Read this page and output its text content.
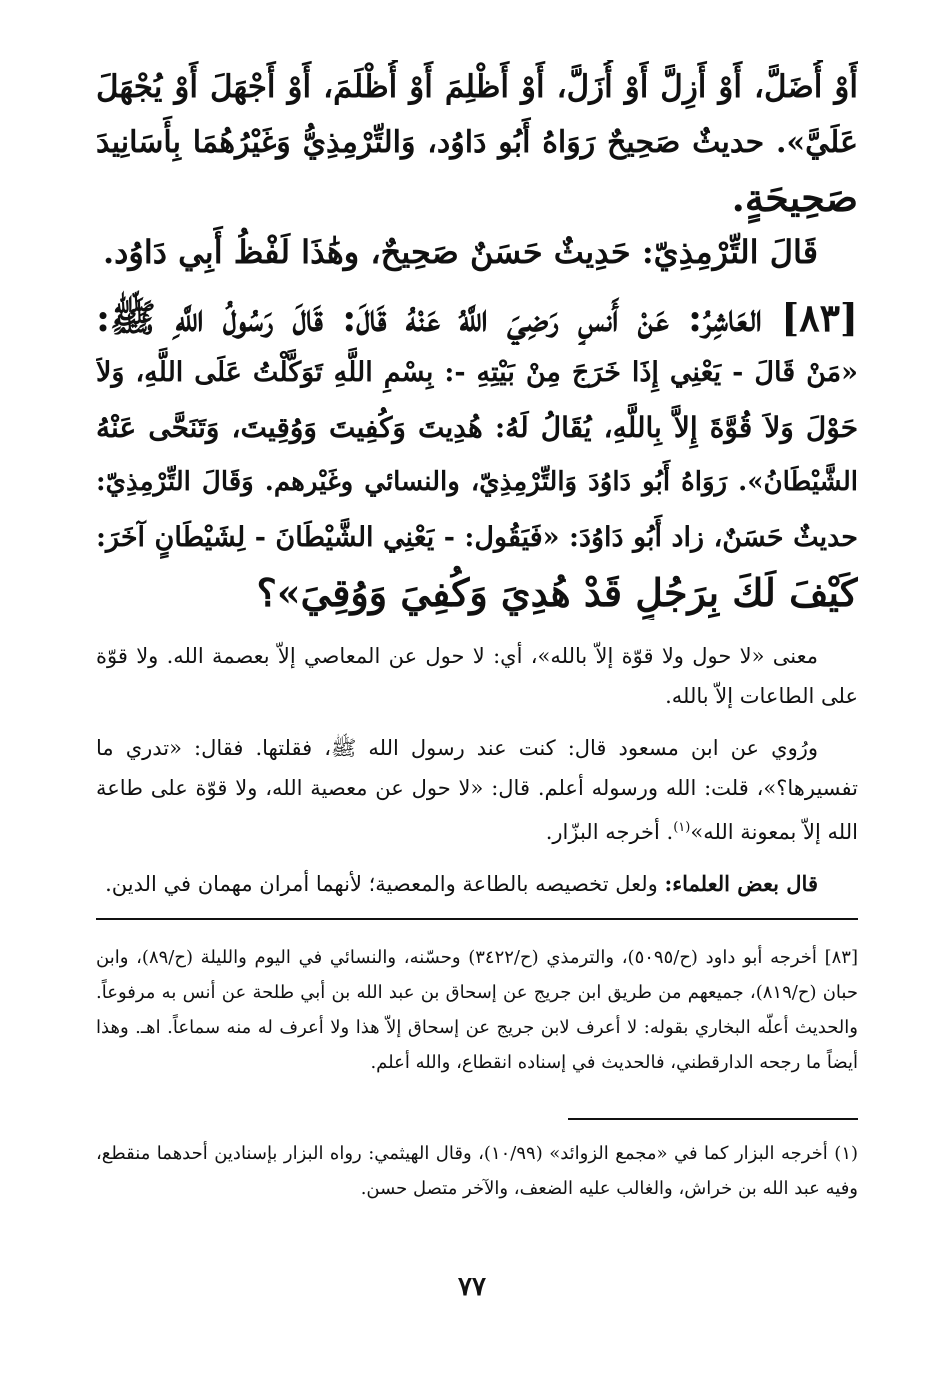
أَوْ أُضَلَّ، أَوْ أَزِلَّ أَوْ أُزَلَّ، أَوْ أَظْلِمَ أَوْ أُظْلَمَ، أَوْ أَجْهَلَ أَوْ يُجْهَلَ
عَلَيَّ». حديثٌ صَحِيحٌ رَوَاهُ أَبُو دَاوُد، وَالتِّرْمِذِيُّ وَغَيْرُهُمَا بِأَسَانِيدَ
صَحِيحَةٍ.
قَالَ التِّرْمِذِيّ: حَدِيثٌ حَسَنٌ صَحِيحٌ، وهَٰذَا لَفْظُ أَبِي دَاوُد.
[٨٣] العَاشِرُ: عَنْ أَنسٍ رَضِيَ اللَّهُ عَنْهُ قَالَ: قَالَ رَسُولُ اللَّهِ ﷺ:
«مَنْ قَالَ - يَعْنِي إِذَا خَرَجَ مِنْ بَيْتِهِ -: بِسْمِ اللَّهِ تَوَكَّلْتُ عَلَى اللَّهِ، وَلاَ
حَوْلَ وَلاَ قُوَّةَ إِلاَّ بِاللَّهِ، يُقَالُ لَهُ: هُدِيتَ وَكُفِيتَ وَوُقِيتَ، وَتَنَحَّى عَنْهُ
الشَّيْطَانُ». رَوَاهُ أَبُو دَاوُدَ وَالتِّرْمِذِيّ، والنسائي وغَيْرهم. وَقَالَ التِّرْمِذِيّ:
حديثٌ حَسَنٌ، زاد أَبُو دَاوُدَ: «فَيَقُول: - يَعْنِي الشَّيْطَانَ - لِشَيْطَانٍ آخَرَ:
كَيْفَ لَكَ بِرَجُلٍ قَدْ هُدِيَ وَكُفِيَ وَوُقِيَ»؟

معنى «لا حول ولا قوّة إلاّ بالله»، أي: لا حول عن المعاصي إلاّ بعصمة الله. ولا قوّة على الطاعات إلاّ بالله.

ورُوي عن ابن مسعود قال: كنت عند رسول الله ﷺ، فقلتها. فقال: «تدري ما تفسيرها؟»، قلت: الله ورسوله أعلم. قال: «لا حول عن معصية الله، ولا قوّة على طاعة الله إلاّ بمعونة الله»$^{(١)}$. أخرجه البزّار.

قال بعض العلماء: ولعل تخصيصه بالطاعة والمعصية؛ لأنهما أمران مهمان في الدين.

[٨٣] أخرجه أبو داود (ح/٥٠٩٥)، والترمذي (ح/٣٤٢٢) وحسّنه، والنسائي في اليوم والليلة (ح/٨٩)، وابن حبان (ح/٨١٩)، جميعهم من طريق ابن جريج عن إسحاق بن عبد الله بن أبي طلحة عن أنس به مرفوعاً. والحديث أعلّه البخاري بقوله: لا أعرف لابن جريج عن إسحاق إلاّ هذا ولا أعرف له منه سماعاً. اهـ. وهذا أيضاً ما رجحه الدارقطني، فالحديث في إسناده انقطاع، والله أعلم.

(١) أخرجه البزار كما في «مجمع الزوائد» (١٠/٩٩)، وقال الهيثمي: رواه البزار بإسنادين أحدهما منقطع، وفيه عبد الله بن خراش، والغالب عليه الضعف، والآخر متصل حسن.

٧٧
